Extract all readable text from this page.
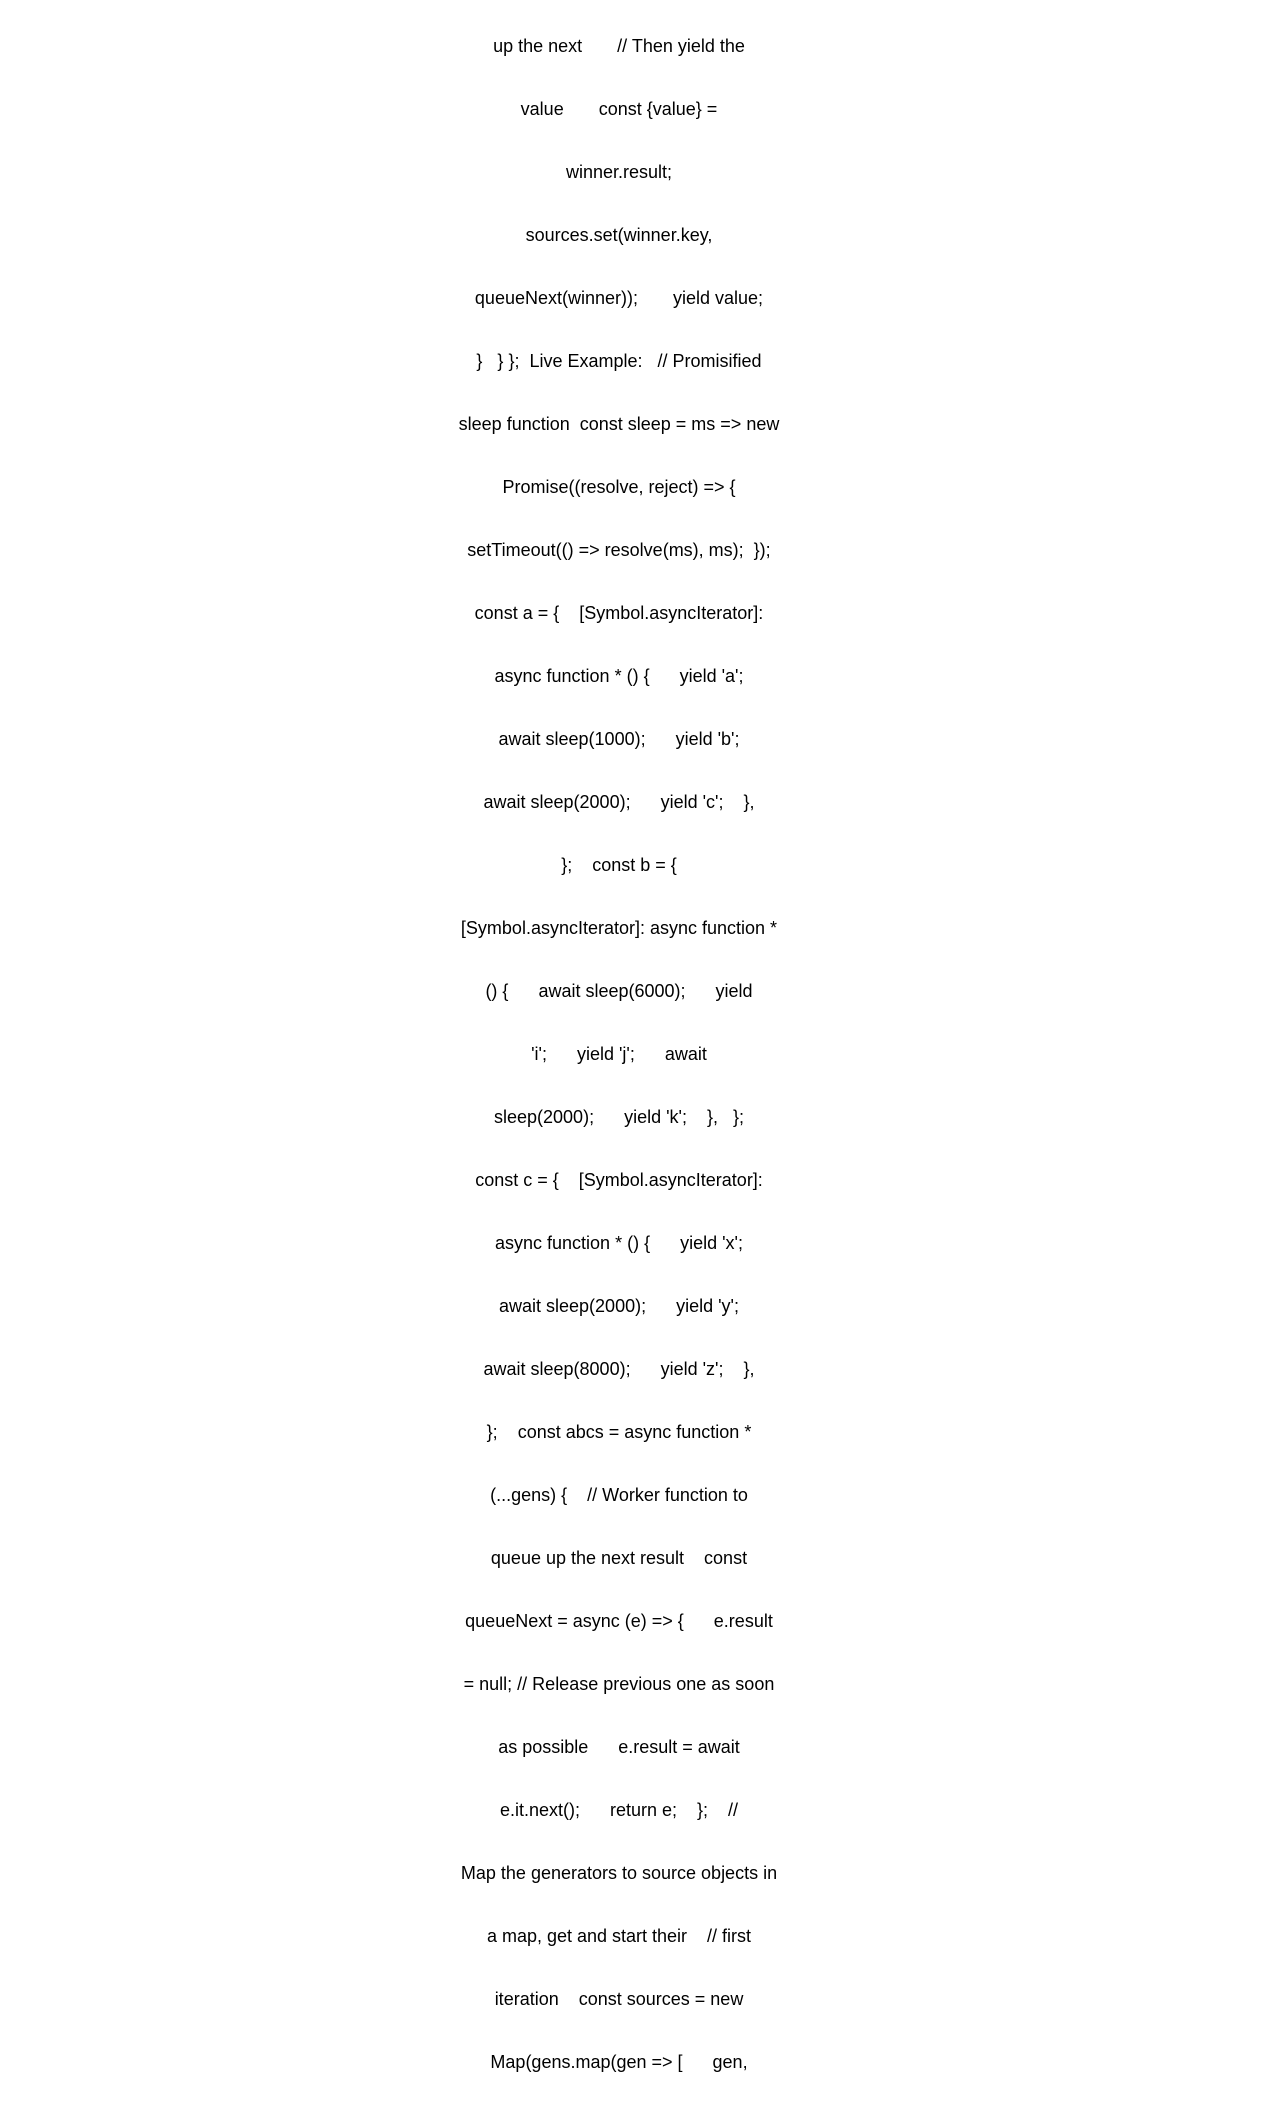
up the next       // Then yield the

value       const {value} =

winner.result;

sources.set(winner.key,

queueNext(winner));       yield value;

}   } };  Live Example:   // Promisified

sleep function  const sleep = ms => new

Promise((resolve, reject) => {

setTimeout(() => resolve(ms), ms);  });

const a = {    [Symbol.asyncIterator]:

async function * () {      yield 'a';

await sleep(1000);      yield 'b';

await sleep(2000);      yield 'c';    },

};    const b = {

[Symbol.asyncIterator]: async function *

() {      await sleep(6000);      yield

'i';      yield 'j';      await

sleep(2000);      yield 'k';    },   };

const c = {    [Symbol.asyncIterator]:

async function * () {      yield 'x';

await sleep(2000);      yield 'y';

await sleep(8000);      yield 'z';    },

};    const abcs = async function *

(...gens) {    // Worker function to

queue up the next result    const

queueNext = async (e) => {      e.result

= null; // Release previous one as soon

as possible      e.result = await

e.it.next();      return e;    };    //

Map the generators to source objects in

a map, get and start their    // first

iteration    const sources = new

Map(gens.map(gen => [      gen,
